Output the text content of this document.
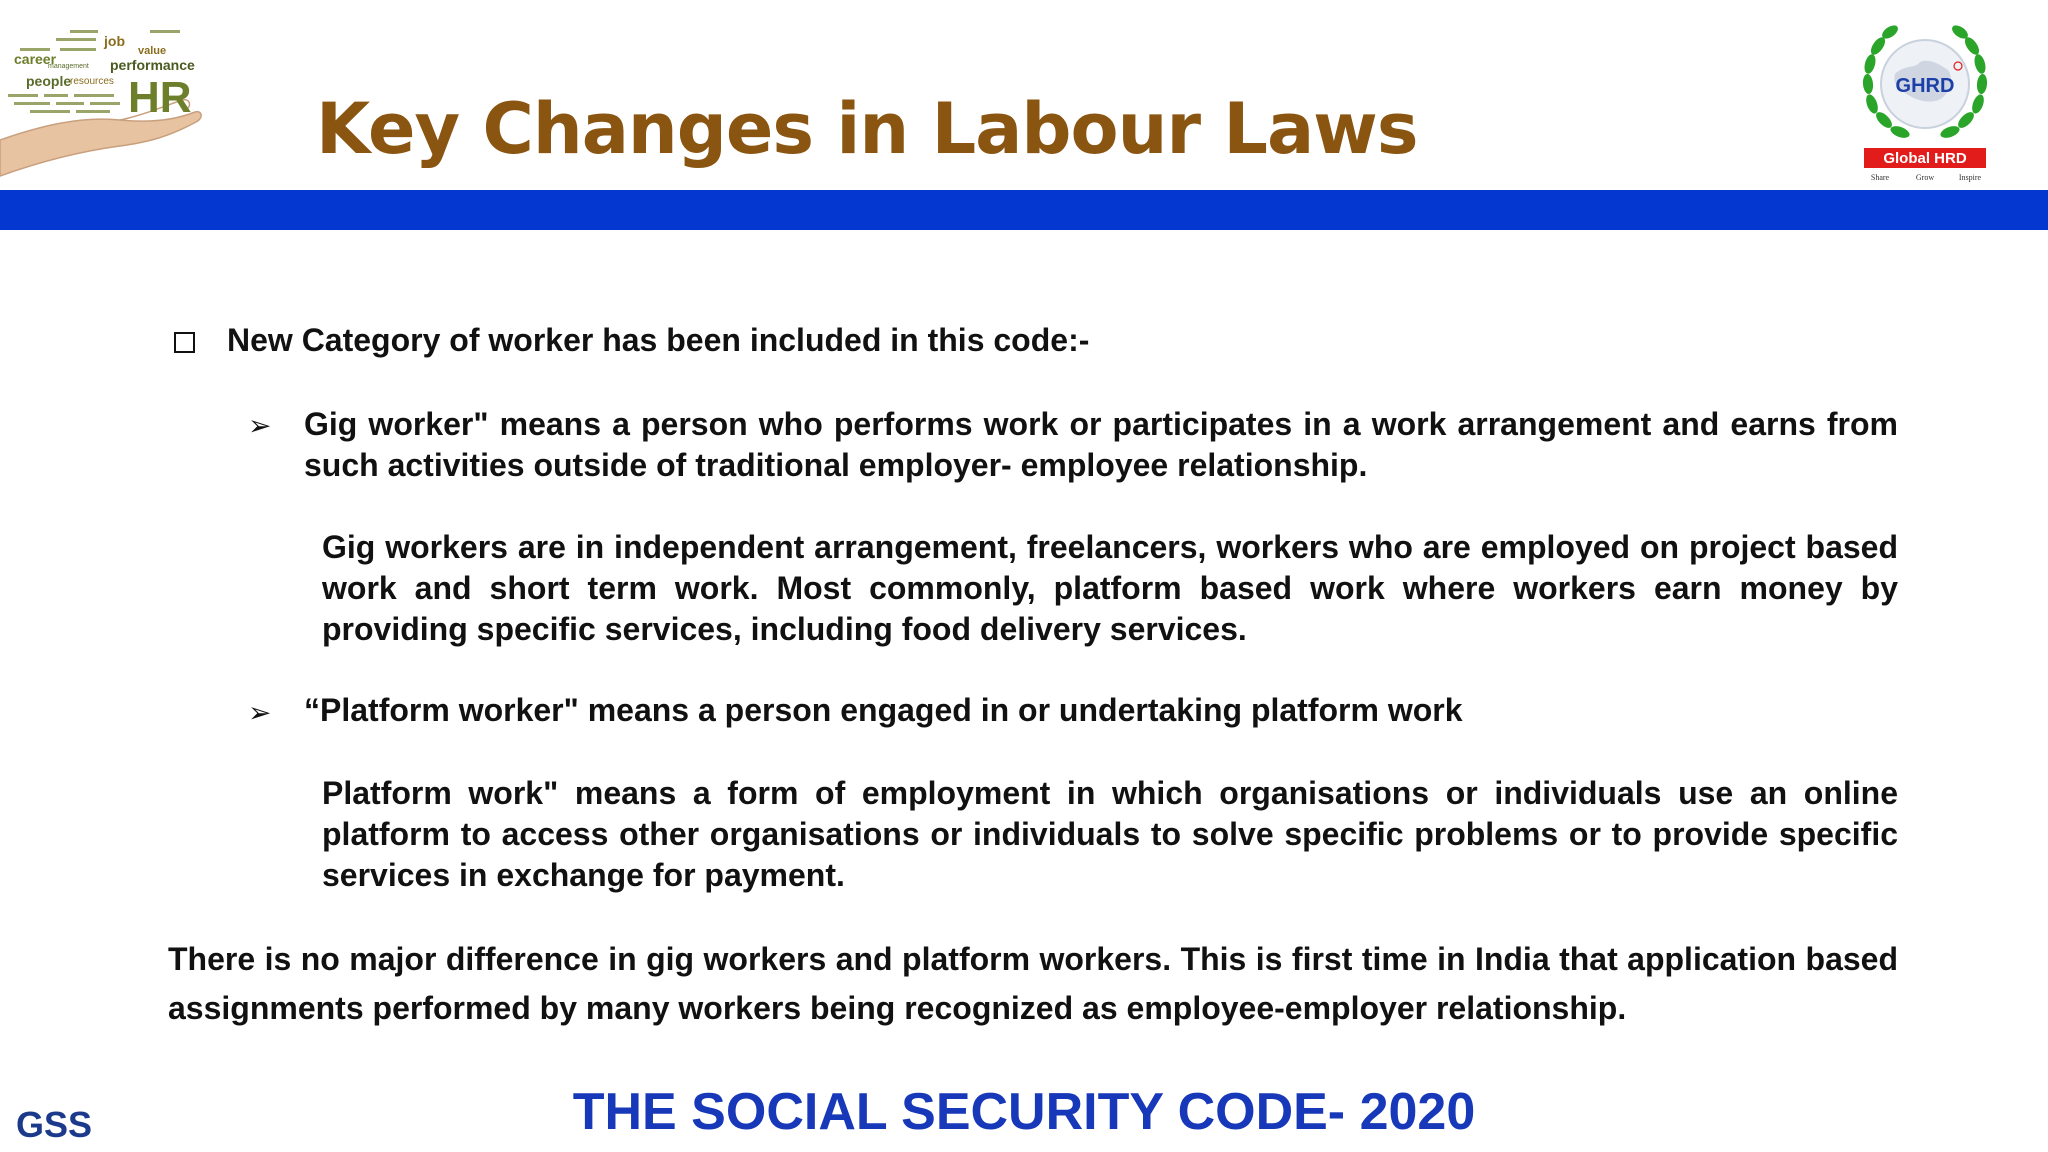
career
job
value
management performance
people
resources HR Key Changes in Labour Laws
GHRD
Global HRD
Share	Grow	Inspire
New Category of worker has been included in this code:-
➢ Gig worker" means a person who performs work or participates in a work arrangement and earns from such activities outside of traditional employer- employee relationship.
Gig workers are in independent arrangement, freelancers, workers who are employed on project based work and short term work. Most commonly, platform based work where workers earn money by providing specific services, including food delivery services.
➢ “Platform worker" means a person engaged in or undertaking platform work
Platform work" means a form of employment in which organisations or individuals use an online platform to access other organisations or individuals to solve specific problems or to provide specific services in exchange for payment.
There is no major difference in gig workers and platform workers. This is first time in India that application based assignments performed by many workers being recognized as employee-employer relationship.
THE SOCIAL SECURITY CODE- 2020
GSS
